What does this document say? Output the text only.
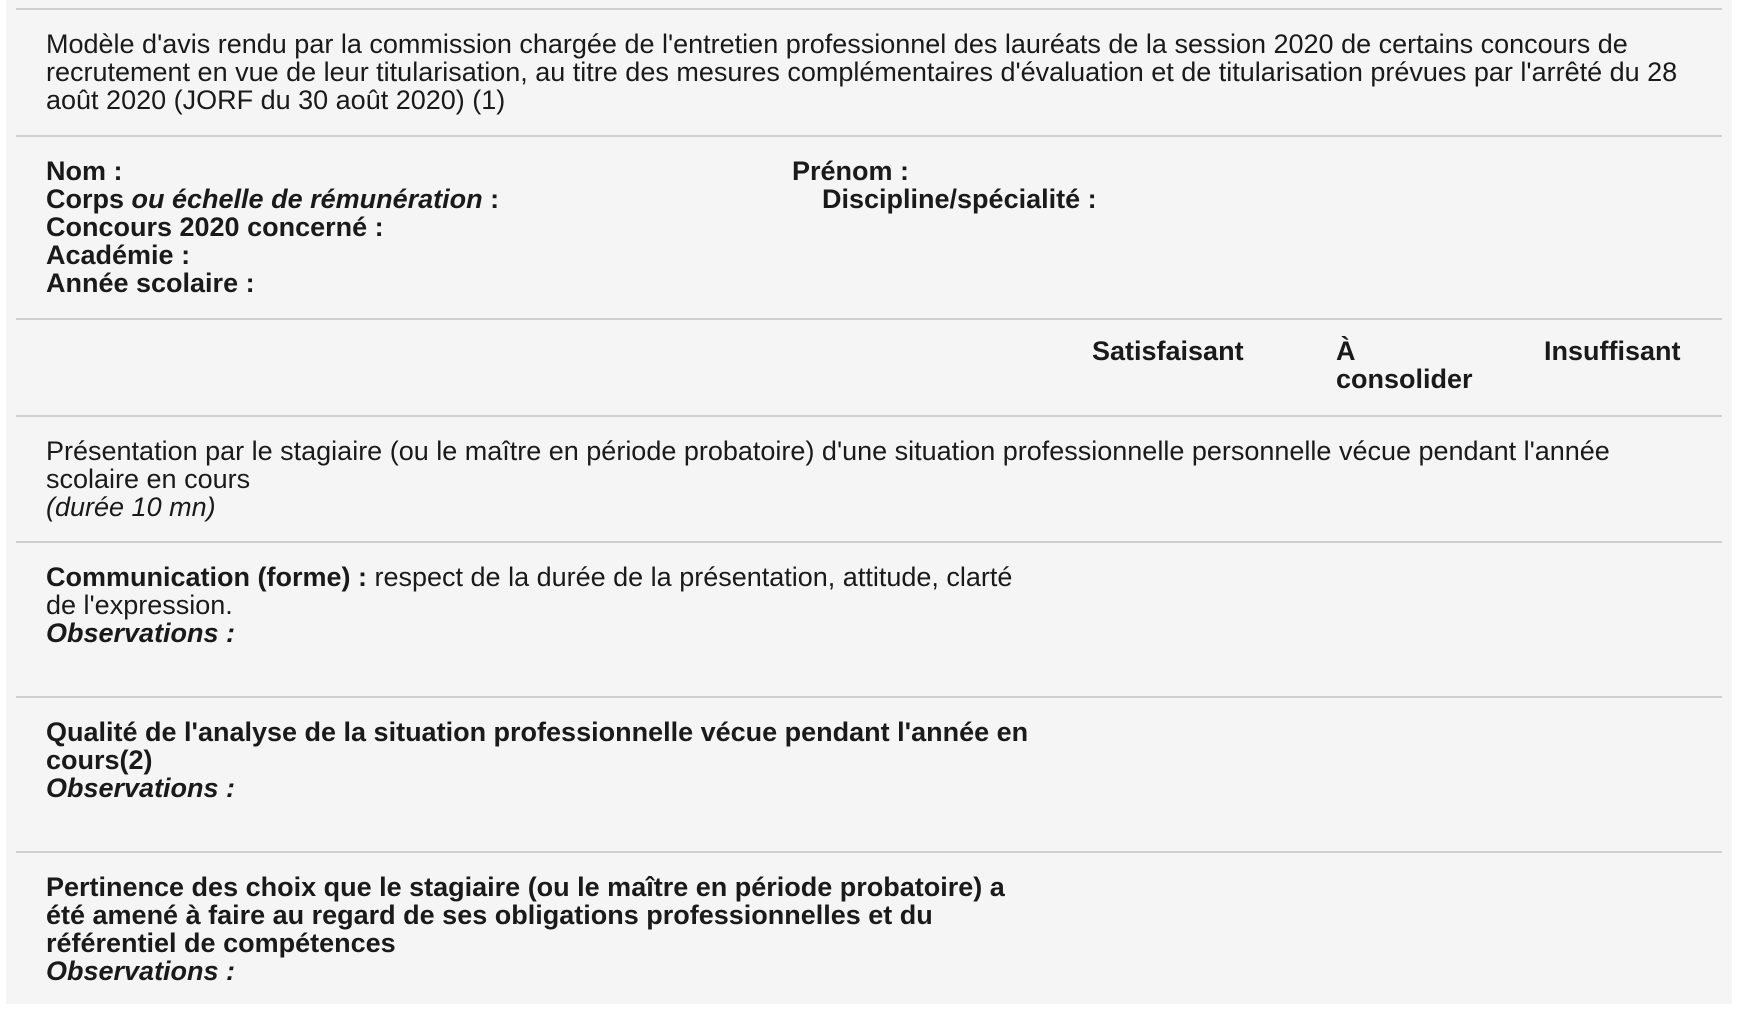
Modèle d'avis rendu par la commission chargée de l'entretien professionnel des lauréats de la session 2020 de certains concours de recrutement en vue de leur titularisation, au titre des mesures complémentaires d'évaluation et de titularisation prévues par l'arrêté du 28 août 2020 (JORF du 30 août 2020) (1)

Nom :
Corps ou échelle de rémunération :
Concours 2020 concerné :
Académie :
Année scolaire :
Prénom :
Discipline/spécialité :
Satisfaisant	À
consolider
Insuffisant
Présentation par le stagiaire (ou le maître en période probatoire) d'une situation professionnelle personnelle vécue pendant l'année
scolaire en cours
(durée 10 mn)
Communication (forme) : respect de la durée de la présentation, attitude, clarté
de l'expression.
Observations :
Qualité de l'analyse de la situation professionnelle vécue pendant l'année en
cours(2)
Observations :
Pertinence des choix que le stagiaire (ou le maître en période probatoire) a
été amené à faire au regard de ses obligations professionnelles et du
référentiel de compétences
Observations :
